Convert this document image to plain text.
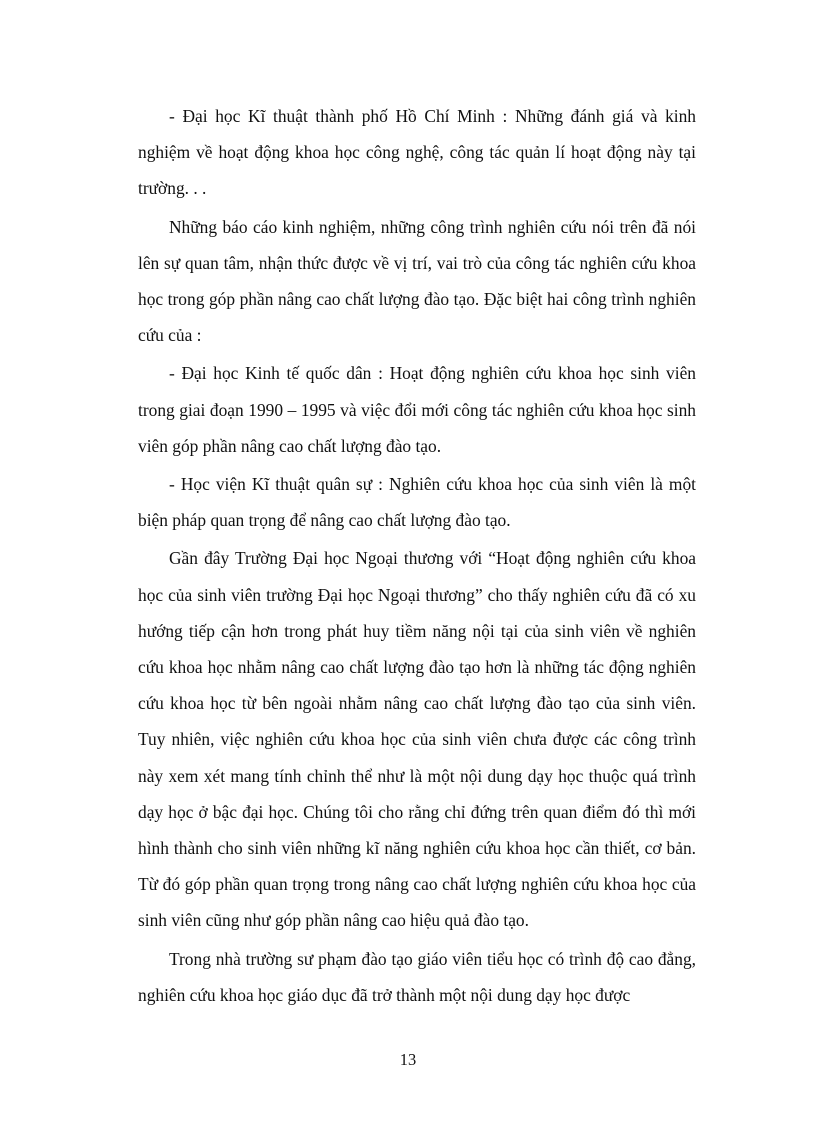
- Đại học Kĩ thuật thành phố Hồ Chí Minh : Những đánh giá và kinh nghiệm về hoạt động khoa học công nghệ, công tác quản lí hoạt động này tại trường. . .

Những báo cáo kinh nghiệm, những công trình nghiên cứu nói trên đã nói lên sự quan tâm, nhận thức được về vị trí, vai trò của công tác nghiên cứu khoa học trong góp phần nâng cao chất lượng đào tạo. Đặc biệt hai công trình nghiên cứu của :

- Đại học Kinh tế quốc dân : Hoạt động nghiên cứu khoa học sinh viên trong giai đoạn 1990 – 1995 và việc đổi mới công tác nghiên cứu khoa học sinh viên góp phần nâng cao chất lượng đào tạo.

- Học viện Kĩ thuật quân sự : Nghiên cứu khoa học của sinh viên là một biện pháp quan trọng để nâng cao chất lượng đào tạo.

Gần đây Trường Đại học Ngoại thương với “Hoạt động nghiên cứu khoa học của sinh viên trường Đại học Ngoại thương” cho thấy nghiên cứu đã có xu hướng tiếp cận hơn trong phát huy tiềm năng nội tại của sinh viên về nghiên cứu khoa học nhằm nâng cao chất lượng đào tạo hơn là những tác động nghiên cứu khoa học từ bên ngoài nhằm nâng cao chất lượng đào tạo của sinh viên. Tuy nhiên, việc nghiên cứu khoa học của sinh viên chưa được các công trình này xem xét mang tính chỉnh thể như là một nội dung dạy học thuộc quá trình dạy học ở bậc đại học. Chúng tôi cho rằng chỉ đứng trên quan điểm đó thì mới hình thành cho sinh viên những kĩ năng nghiên cứu khoa học cần thiết, cơ bản. Từ đó góp phần quan trọng trong nâng cao chất lượng nghiên cứu khoa học của sinh viên cũng như góp phần nâng cao hiệu quả đào tạo.

Trong nhà trường sư phạm đào tạo giáo viên tiểu học có trình độ cao đẳng, nghiên cứu khoa học giáo dục đã trở thành một nội dung dạy học được

13
